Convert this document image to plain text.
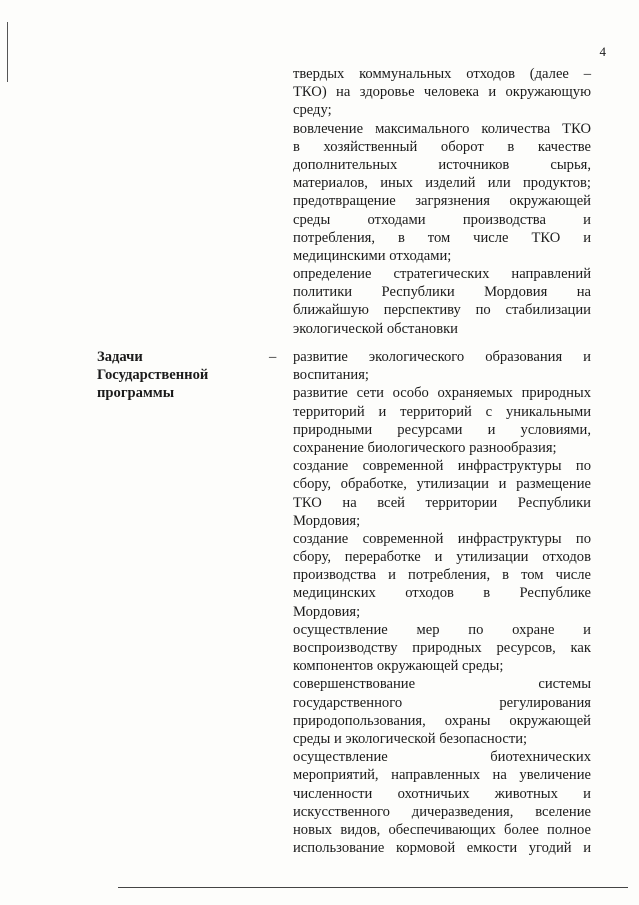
4
твердых коммунальных отходов (далее –
ТКО) на здоровье человека и окружающую
среду;
вовлечение максимального количества ТКО
в хозяйственный оборот в качестве
дополнительных источников сырья,
материалов, иных изделий или продуктов;
предотвращение загрязнения окружающей
среды отходами производства и
потребления, в том числе ТКО и
медицинскими отходами;
определение стратегических направлений
политики Республики Мордовия на
ближайшую перспективу по стабилизации
экологической обстановки
Задачи
Государственной
программы
– развитие экологического образования и
воспитания;
развитие сети особо охраняемых природных
территорий и территорий с уникальными
природными ресурсами и условиями,
сохранение биологического разнообразия;
создание современной инфраструктуры по
сбору, обработке, утилизации и размещение
ТКО на всей территории Республики
Мордовия;
создание современной инфраструктуры по
сбору, переработке и утилизации отходов
производства и потребления, в том числе
медицинских отходов в Республике
Мордовия;
осуществление мер по охране и
воспроизводству природных ресурсов, как
компонентов окружающей среды;
совершенствование системы
государственного регулирования
природопользования, охраны окружающей
среды и экологической безопасности;
осуществление биотехнических
мероприятий, направленных на увеличение
численности охотничьих животных и
искусственного дичеразведения, вселение
новых видов, обеспечивающих более полное
использование кормовой емкости угодий и
